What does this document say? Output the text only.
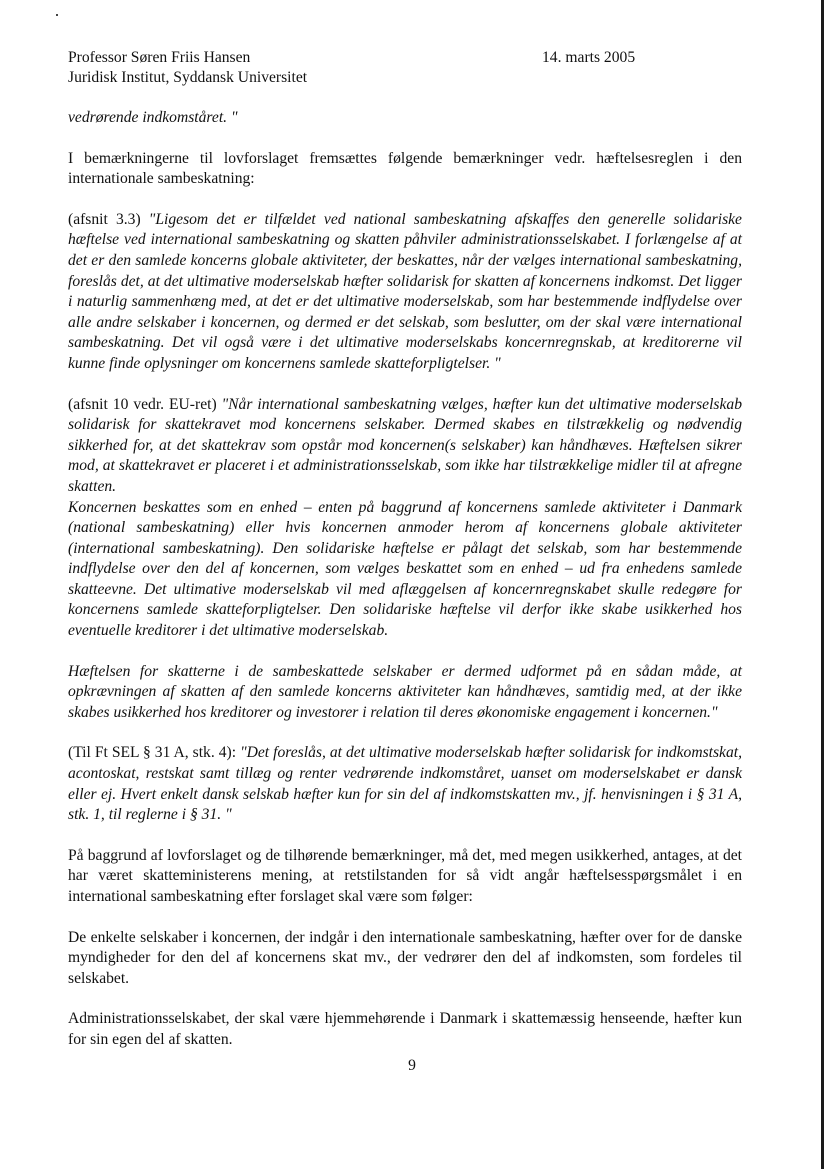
Professor Søren Friis Hansen
Juridisk Institut, Syddansk Universitet
14. marts 2005

vedrørende indkomståret. "

I bemærkningerne til lovforslaget fremsættes følgende bemærkninger vedr. hæftelsesreglen i den internationale sambeskatning:

(afsnit 3.3) "Ligesom det er tilfældet ved national sambeskatning afskaffes den generelle solidariske hæftelse ved international sambeskatning og skatten påhviler administrationsselskabet. I forlængelse af at det er den samlede koncerns globale aktiviteter, der beskattes, når der vælges international sambeskatning, foreslås det, at det ultimative moderselskab hæfter solidarisk for skatten af koncernens indkomst. Det ligger i naturlig sammenhæng med, at det er det ultimative moderselskab, som har bestemmende indflydelse over alle andre selskaber i koncernen, og dermed er det selskab, som beslutter, om der skal være international sambeskatning. Det vil også være i det ultimative moderselskabs koncernregnskab, at kreditorerne vil kunne finde oplysninger om koncernens samlede skatteforpligtelser. "

(afsnit 10 vedr. EU-ret) "Når international sambeskatning vælges, hæfter kun det ultimative moderselskab solidarisk for skattekravet mod koncernens selskaber. Dermed skabes en tilstrækkelig og nødvendig sikkerhed for, at det skattekrav som opstår mod koncernen(s selskaber) kan håndhæves. Hæftelsen sikrer mod, at skattekravet er placeret i et administrationsselskab, som ikke har tilstrækkelige midler til at afregne skatten.

Koncernen beskattes som en enhed – enten på baggrund af koncernens samlede aktiviteter i Danmark (national sambeskatning) eller hvis koncernen anmoder herom af koncernens globale aktiviteter (international sambeskatning). Den solidariske hæftelse er pålagt det selskab, som har bestemmende indflydelse over den del af koncernen, som vælges beskattet som en enhed – ud fra enhedens samlede skatteevne. Det ultimative moderselskab vil med aflæggelsen af koncernregnskabet skulle redegøre for koncernens samlede skatteforpligtelser. Den solidariske hæftelse vil derfor ikke skabe usikkerhed hos eventuelle kreditorer i det ultimative moderselskab.

Hæftelsen for skatterne i de sambeskattede selskaber er dermed udformet på en sådan måde, at opkrævningen af skatten af den samlede koncerns aktiviteter kan håndhæves, samtidig med, at der ikke skabes usikkerhed hos kreditorer og investorer i relation til deres økonomiske engagement i koncernen."

(Til Ft SEL § 31 A, stk. 4): "Det foreslås, at det ultimative moderselskab hæfter solidarisk for indkomstskat, acontoskat, restskat samt tillæg og renter vedrørende indkomståret, uanset om moderselskabet er dansk eller ej. Hvert enkelt dansk selskab hæfter kun for sin del af indkomstskatten mv., jf. henvisningen i § 31 A, stk. 1, til reglerne i § 31. "

På baggrund af lovforslaget og de tilhørende bemærkninger, må det, med megen usikkerhed, antages, at det har været skatteministerens mening, at retstilstanden for så vidt angår hæftelsesspørgsmålet i en international sambeskatning efter forslaget skal være som følger:

De enkelte selskaber i koncernen, der indgår i den internationale sambeskatning, hæfter over for de danske myndigheder for den del af koncernens skat mv., der vedrører den del af indkomsten, som fordeles til selskabet.

Administrationsselskabet, der skal være hjemmehørende i Danmark i skattemæssig henseende, hæfter kun for sin egen del af skatten.

9
